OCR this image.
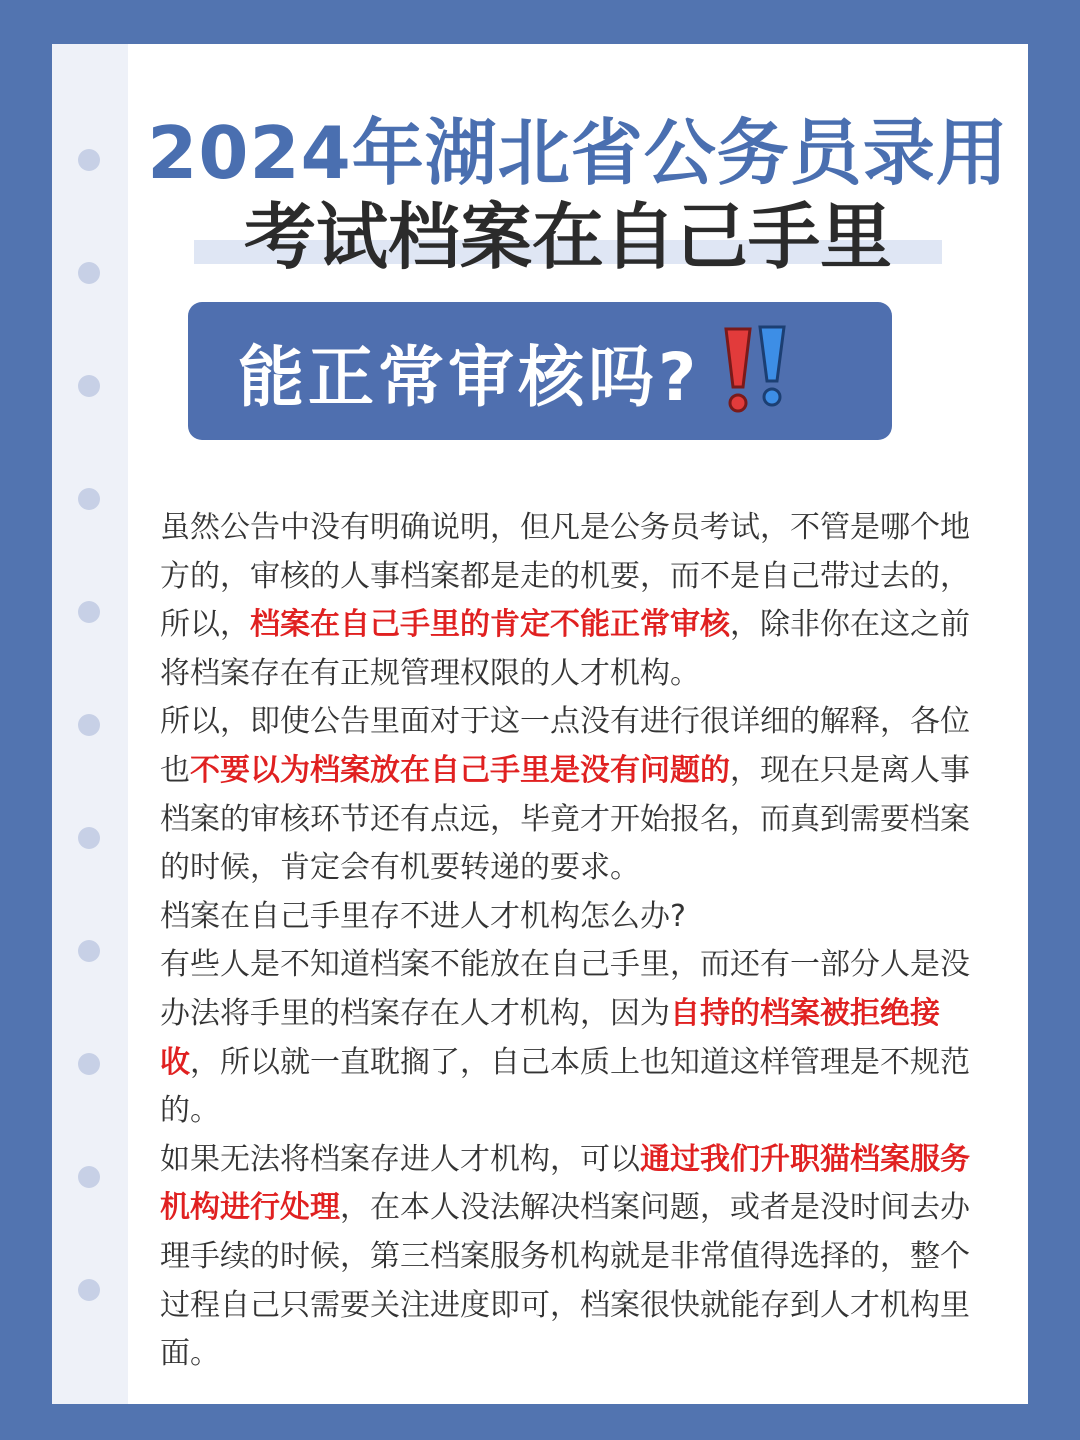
2024年湖北省公务员录用
考试档案在自己手里
能正常审核吗?

虽然公告中没有明确说明，但凡是公务员考试，不管是哪个地方的，审核的人事档案都是走的机要，而不是自己带过去的，所以，档案在自己手里的肯定不能正常审核，除非你在这之前将档案存在有正规管理权限的人才机构。

所以，即使公告里面对于这一点没有进行很详细的解释，各位也不要以为档案放在自己手里是没有问题的，现在只是离人事档案的审核环节还有点远，毕竟才开始报名，而真到需要档案的时候，肯定会有机要转递的要求。

档案在自己手里存不进人才机构怎么办?

有些人是不知道档案不能放在自己手里，而还有一部分人是没办法将手里的档案存在人才机构，因为自持的档案被拒绝接收，所以就一直耽搁了，自己本质上也知道这样管理是不规范的。

如果无法将档案存进人才机构，可以通过我们升职猫档案服务机构进行处理，在本人没法解决档案问题，或者是没时间去办理手续的时候，第三档案服务机构就是非常值得选择的，整个过程自己只需要关注进度即可，档案很快就能存到人才机构里面。
